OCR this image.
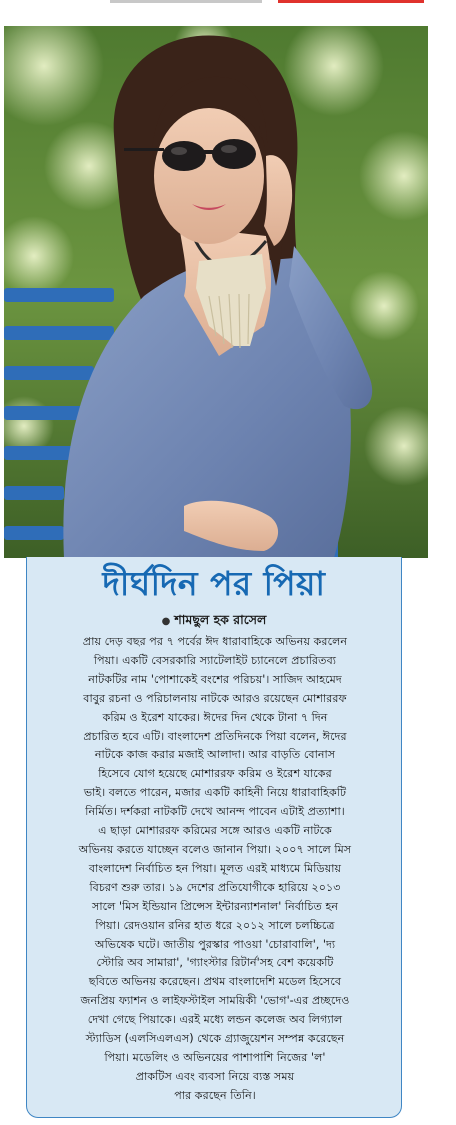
দীর্ঘদিন পর পিয়া
● শামছুল হক রাসেল
প্রায় দেড় বছর পর ৭ পর্বের ঈদ ধারাবাহিকে অভিনয় করলেন
পিয়া। একটি বেসরকারি স্যাটেলাইট চ্যানেলে প্রচারিতব্য
নাটকটির নাম 'পোশাকেই বংশের পরিচয়'। সাজিদ আহমেদ
বাবুর রচনা ও পরিচালনায় নাটকে আরও রয়েছেন মোশাররফ
করিম ও ইরেশ যাকের। ঈদের দিন থেকে টানা ৭ দিন
প্রচারিত হবে এটি। বাংলাদেশ প্রতিদিনকে পিয়া বলেন, ঈদের
নাটকে কাজ করার মজাই আলাদা। আর বাড়তি বোনাস
হিসেবে যোগ হয়েছে মোশাররফ করিম ও ইরেশ যাকের
ভাই। বলতে পারেন, মজার একটি কাহিনী নিয়ে ধারাবাহিকটি
নির্মিত। দর্শকরা নাটকটি দেখে আনন্দ পাবেন এটাই প্রত্যাশা।
এ ছাড়া মোশাররফ করিমের সঙ্গে আরও একটি নাটকে
অভিনয় করতে যাচ্ছেন বলেও জানান পিয়া। ২০০৭ সালে মিস
বাংলাদেশ নির্বাচিত হন পিয়া। মূলত এরই মাধ্যমে মিডিয়ায়
বিচরণ শুরু তার। ১৯ দেশের প্রতিযোগীকে হারিয়ে ২০১৩
সালে 'মিস ইন্ডিয়ান প্রিন্সেস ইন্টারন্যাশনাল' নির্বাচিত হন
পিয়া। রেদওয়ান রনির হাত ধরে ২০১২ সালে চলচ্চিত্রে
অভিষেক ঘটে। জাতীয় পুরস্কার পাওয়া 'চোরাবালি', 'দ্য
স্টোরি অব সামারা', 'গ্যাংস্টার রিটার্ন'সহ বেশ কয়েকটি
ছবিতে অভিনয় করেছেন। প্রথম বাংলাদেশি মডেল হিসেবে
জনপ্রিয় ফ্যাশন ও লাইফস্টাইল সাময়িকী 'ভোগ'-এর প্রচ্ছদেও
দেখা গেছে পিয়াকে। এরই মধ্যে লন্ডন কলেজ অব লিগ্যাল
স্ট্যাডিস (এলসিএলএস) থেকে গ্র্যাজুয়েশন সম্পন্ন করেছেন
পিয়া। মডেলিং ও অভিনয়ের পাশাপাশি নিজের 'ল'
প্রাকটিস এবং ব্যবসা নিয়ে ব্যস্ত সময়
পার করছেন তিনি।
